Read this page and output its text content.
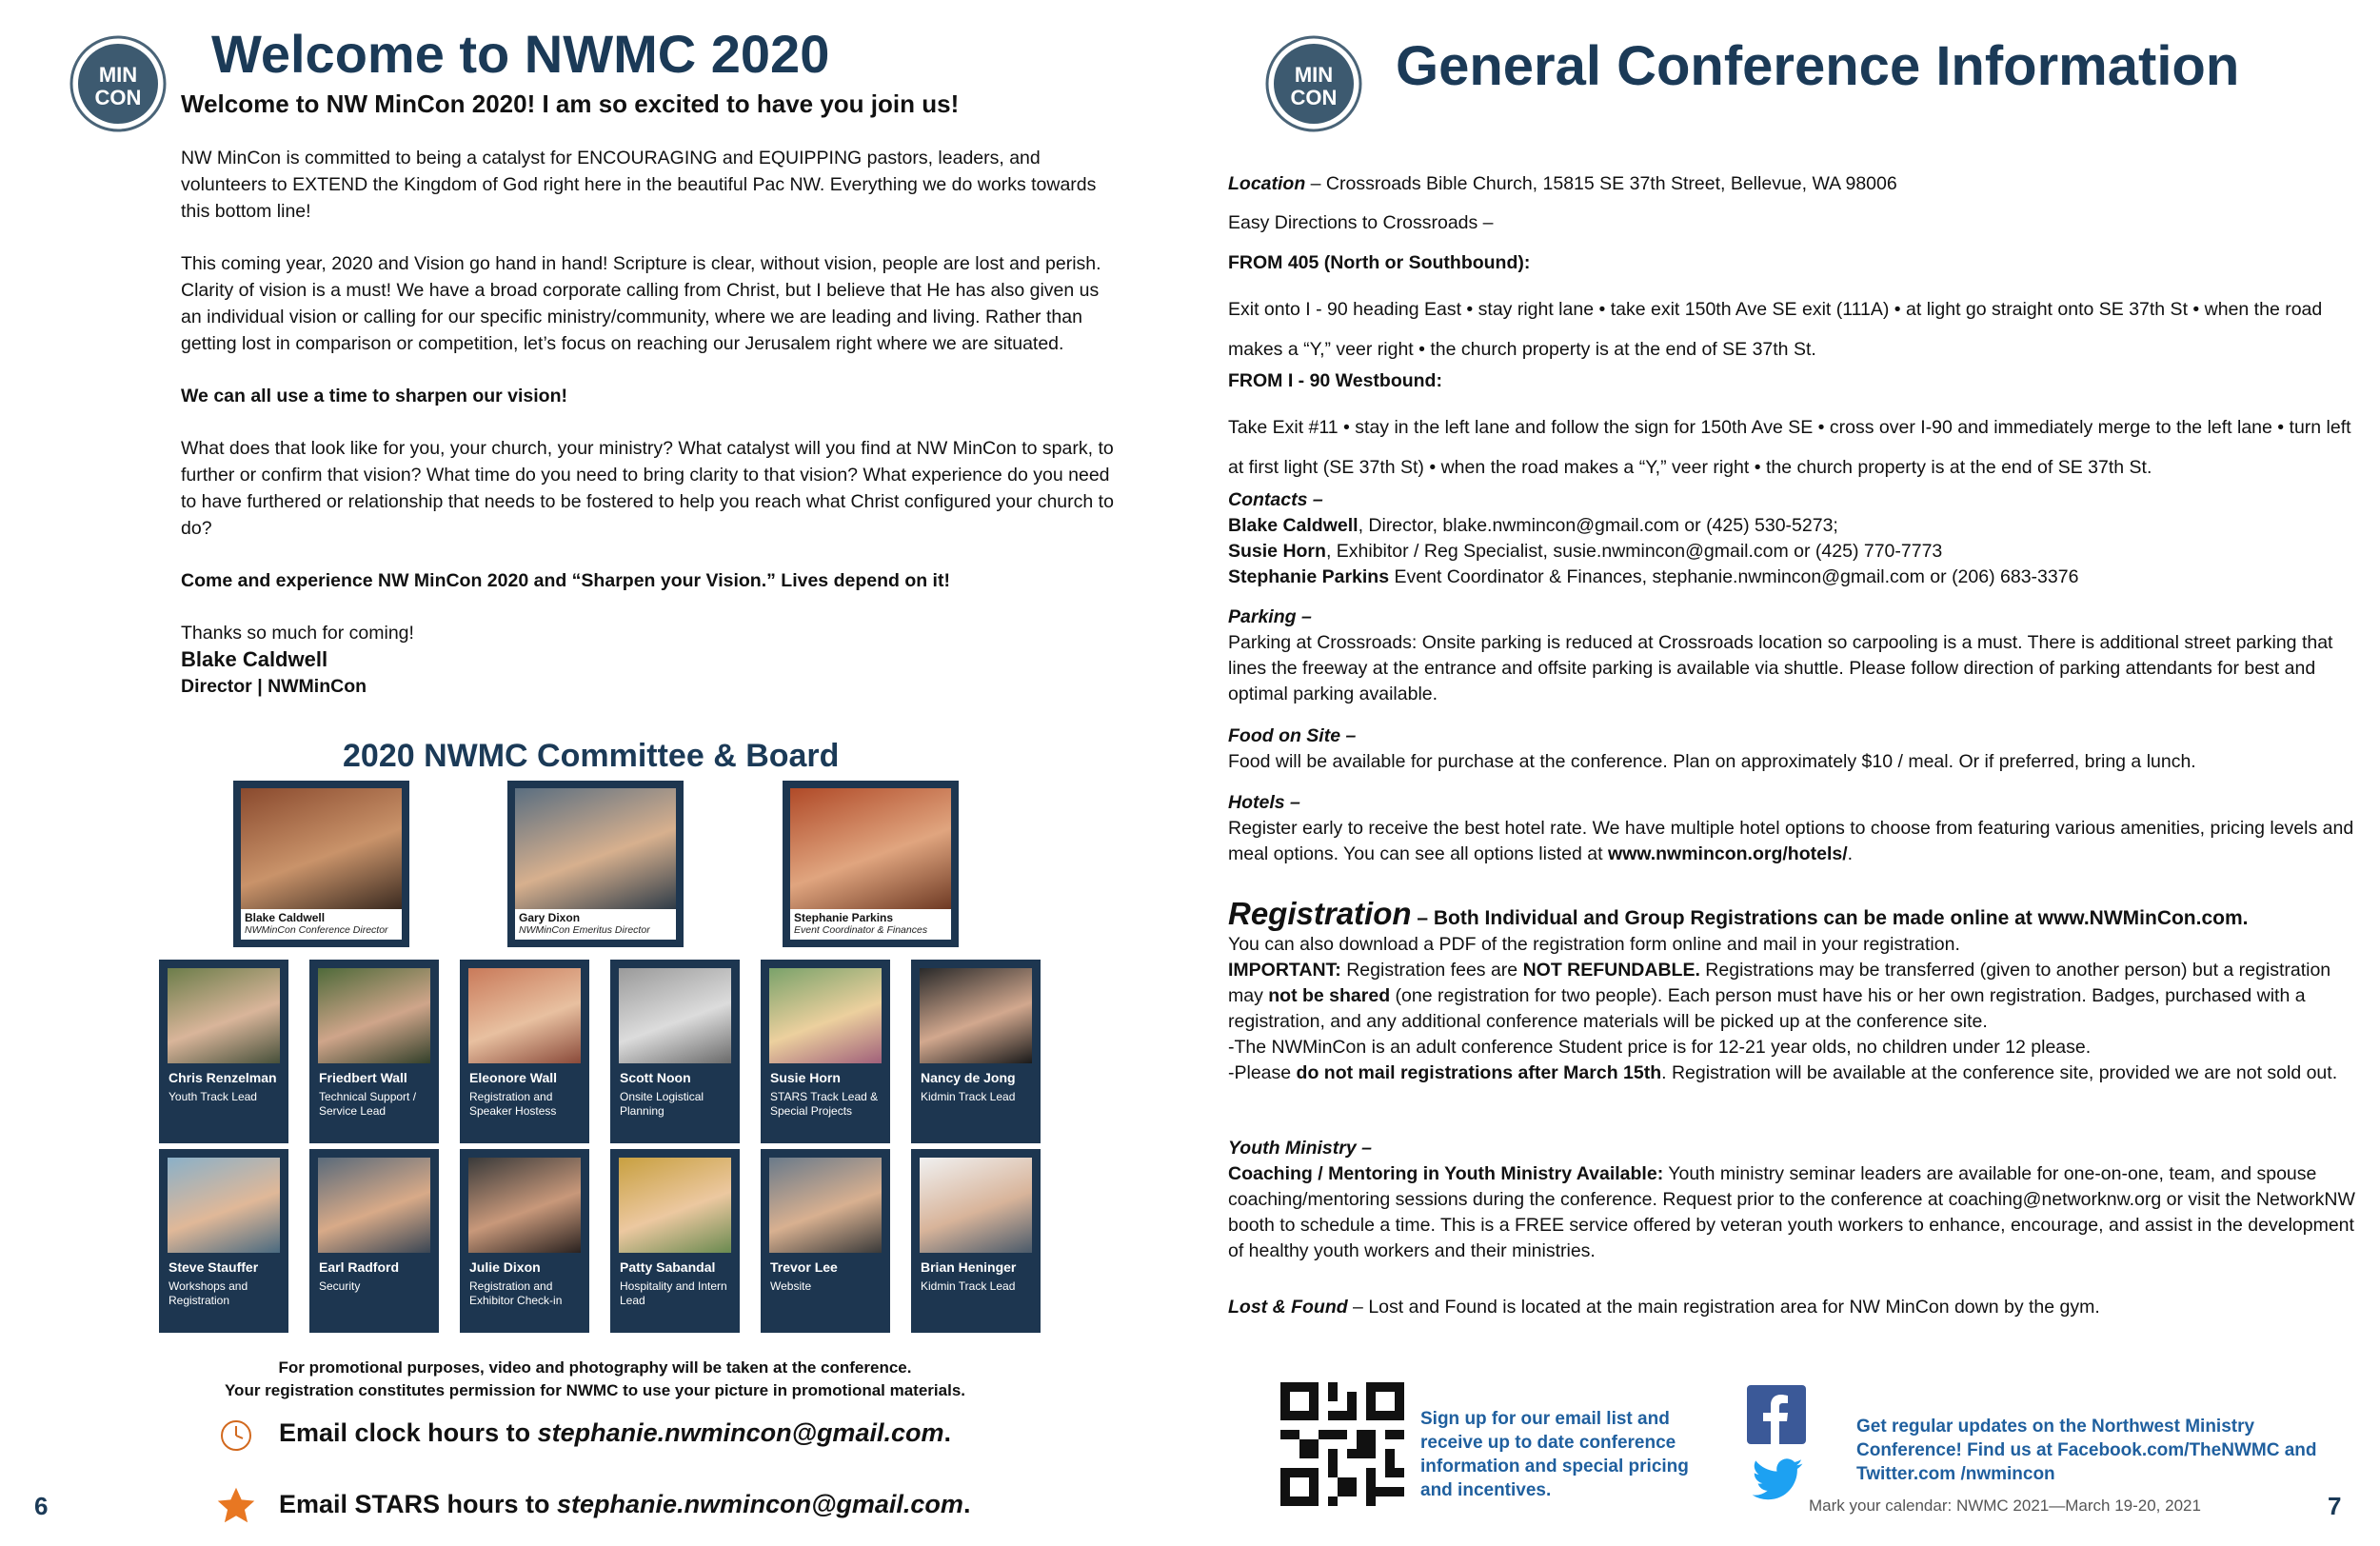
MIN
CON
Welcome to NWMC 2020
Welcome to NW MinCon 2020! I am so excited to have you join us!

NW MinCon is committed to being a catalyst for ENCOURAGING and EQUIPPING pastors, leaders, and volunteers to EXTEND the Kingdom of God right here in the beautiful Pac NW. Everything we do works towards this bottom line!

This coming year, 2020 and Vision go hand in hand! Scripture is clear, without vision, people are lost and perish. Clarity of vision is a must! We have a broad corporate calling from Christ, but I believe that He has also given us an individual vision or calling for our specific ministry/community, where we are leading and living. Rather than getting lost in comparison or competition, let’s focus on reaching our Jerusalem right where we are situated.

We can all use a time to sharpen our vision!

What does that look like for you, your church, your ministry? What catalyst will you find at NW MinCon to spark, to further or confirm that vision? What time do you need to bring clarity to that vision? What experience do you need to have furthered or relationship that needs to be fostered to help you reach what Christ configured your church to do?

Come and experience NW MinCon 2020 and “Sharpen your Vision.” Lives depend on it!

Thanks so much for coming!
Blake Caldwell
Director | NWMinCon
2020 NWMC Committee & Board
Blake Caldwell
NWMinCon Conference Director
Gary Dixon
NWMinCon Emeritus Director
Stephanie Parkins
Event Coordinator & Finances
Chris Renzelman
Youth Track Lead
Friedbert Wall
Technical Support / Service Lead
Eleonore Wall
Registration and Speaker Hostess
Scott Noon
Onsite Logistical Planning
Susie Horn
STARS Track Lead & Special Projects
Nancy de Jong
Kidmin Track Lead
Steve Stauffer
Workshops and Registration
Earl Radford
Security
Julie Dixon
Registration and Exhibitor Check-in
Patty Sabandal
Hospitality and Intern Lead
Trevor Lee
Website
Brian Heninger
Kidmin Track Lead
For promotional purposes, video and photography will be taken at the conference.
Your registration constitutes permission for NWMC to use your picture in promotional materials.
Email clock hours to stephanie.nwmincon@gmail.com.
Email STARS hours to stephanie.nwmincon@gmail.com.
6
MIN
CON
General Conference Information
Location – Crossroads Bible Church, 15815 SE 37th Street, Bellevue, WA 98006
Easy Directions to Crossroads –
FROM 405 (North or Southbound):
Exit onto I - 90 heading East • stay right lane • take exit 150th Ave SE exit (111A) • at light go straight onto SE 37th St • when the road makes a “Y,” veer right • the church property is at the end of SE 37th St.
FROM I - 90 Westbound:
Take Exit #11 • stay in the left lane and follow the sign for 150th Ave SE • cross over I-90 and immediately merge to the left lane • turn left at first light (SE 37th St) • when the road makes a “Y,” veer right • the church property is at the end of SE 37th St.
Contacts –
Blake Caldwell, Director, blake.nwmincon@gmail.com or (425) 530-5273;
Susie Horn, Exhibitor / Reg Specialist, susie.nwmincon@gmail.com or (425) 770-7773
Stephanie Parkins Event Coordinator & Finances, stephanie.nwmincon@gmail.com or (206) 683-3376
Parking –
Parking at Crossroads: Onsite parking is reduced at Crossroads location so carpooling is a must. There is additional street parking that lines the freeway at the entrance and offsite parking is available via shuttle. Please follow direction of parking attendants for best and optimal parking available.
Food on Site –
Food will be available for purchase at the conference. Plan on approximately $10 / meal. Or if preferred, bring a lunch.
Hotels –
Register early to receive the best hotel rate. We have multiple hotel options to choose from featuring various amenities, pricing levels and meal options. You can see all options listed at www.nwmincon.org/hotels/.
Registration – Both Individual and Group Registrations can be made online at www.NWMinCon.com.
You can also download a PDF of the registration form online and mail in your registration.
IMPORTANT: Registration fees are NOT REFUNDABLE. Registrations may be transferred (given to another person) but a registration may not be shared (one registration for two people). Each person must have his or her own registration. Badges, purchased with a registration, and any additional conference materials will be picked up at the conference site.
-The NWMinCon is an adult conference Student price is for 12-21 year olds, no children under 12 please.
-Please do not mail registrations after March 15th. Registration will be available at the conference site, provided we are not sold out.
Youth Ministry –
Coaching / Mentoring in Youth Ministry Available: Youth ministry seminar leaders are available for one-on-one, team, and spouse coaching/mentoring sessions during the conference. Request prior to the conference at coaching@networknw.org or visit the NetworkNW booth to schedule a time. This is a FREE service offered by veteran youth workers to enhance, encourage, and assist in the development of healthy youth workers and their ministries.
Lost & Found – Lost and Found is located at the main registration area for NW MinCon down by the gym.
Sign up for our email list and receive up to date conference information and special pricing and incentives.
Get regular updates on the Northwest Ministry Conference! Find us at Facebook.com/TheNWMC and Twitter.com /nwmincon
Mark your calendar: NWMC 2021—March 19-20, 2021	7
